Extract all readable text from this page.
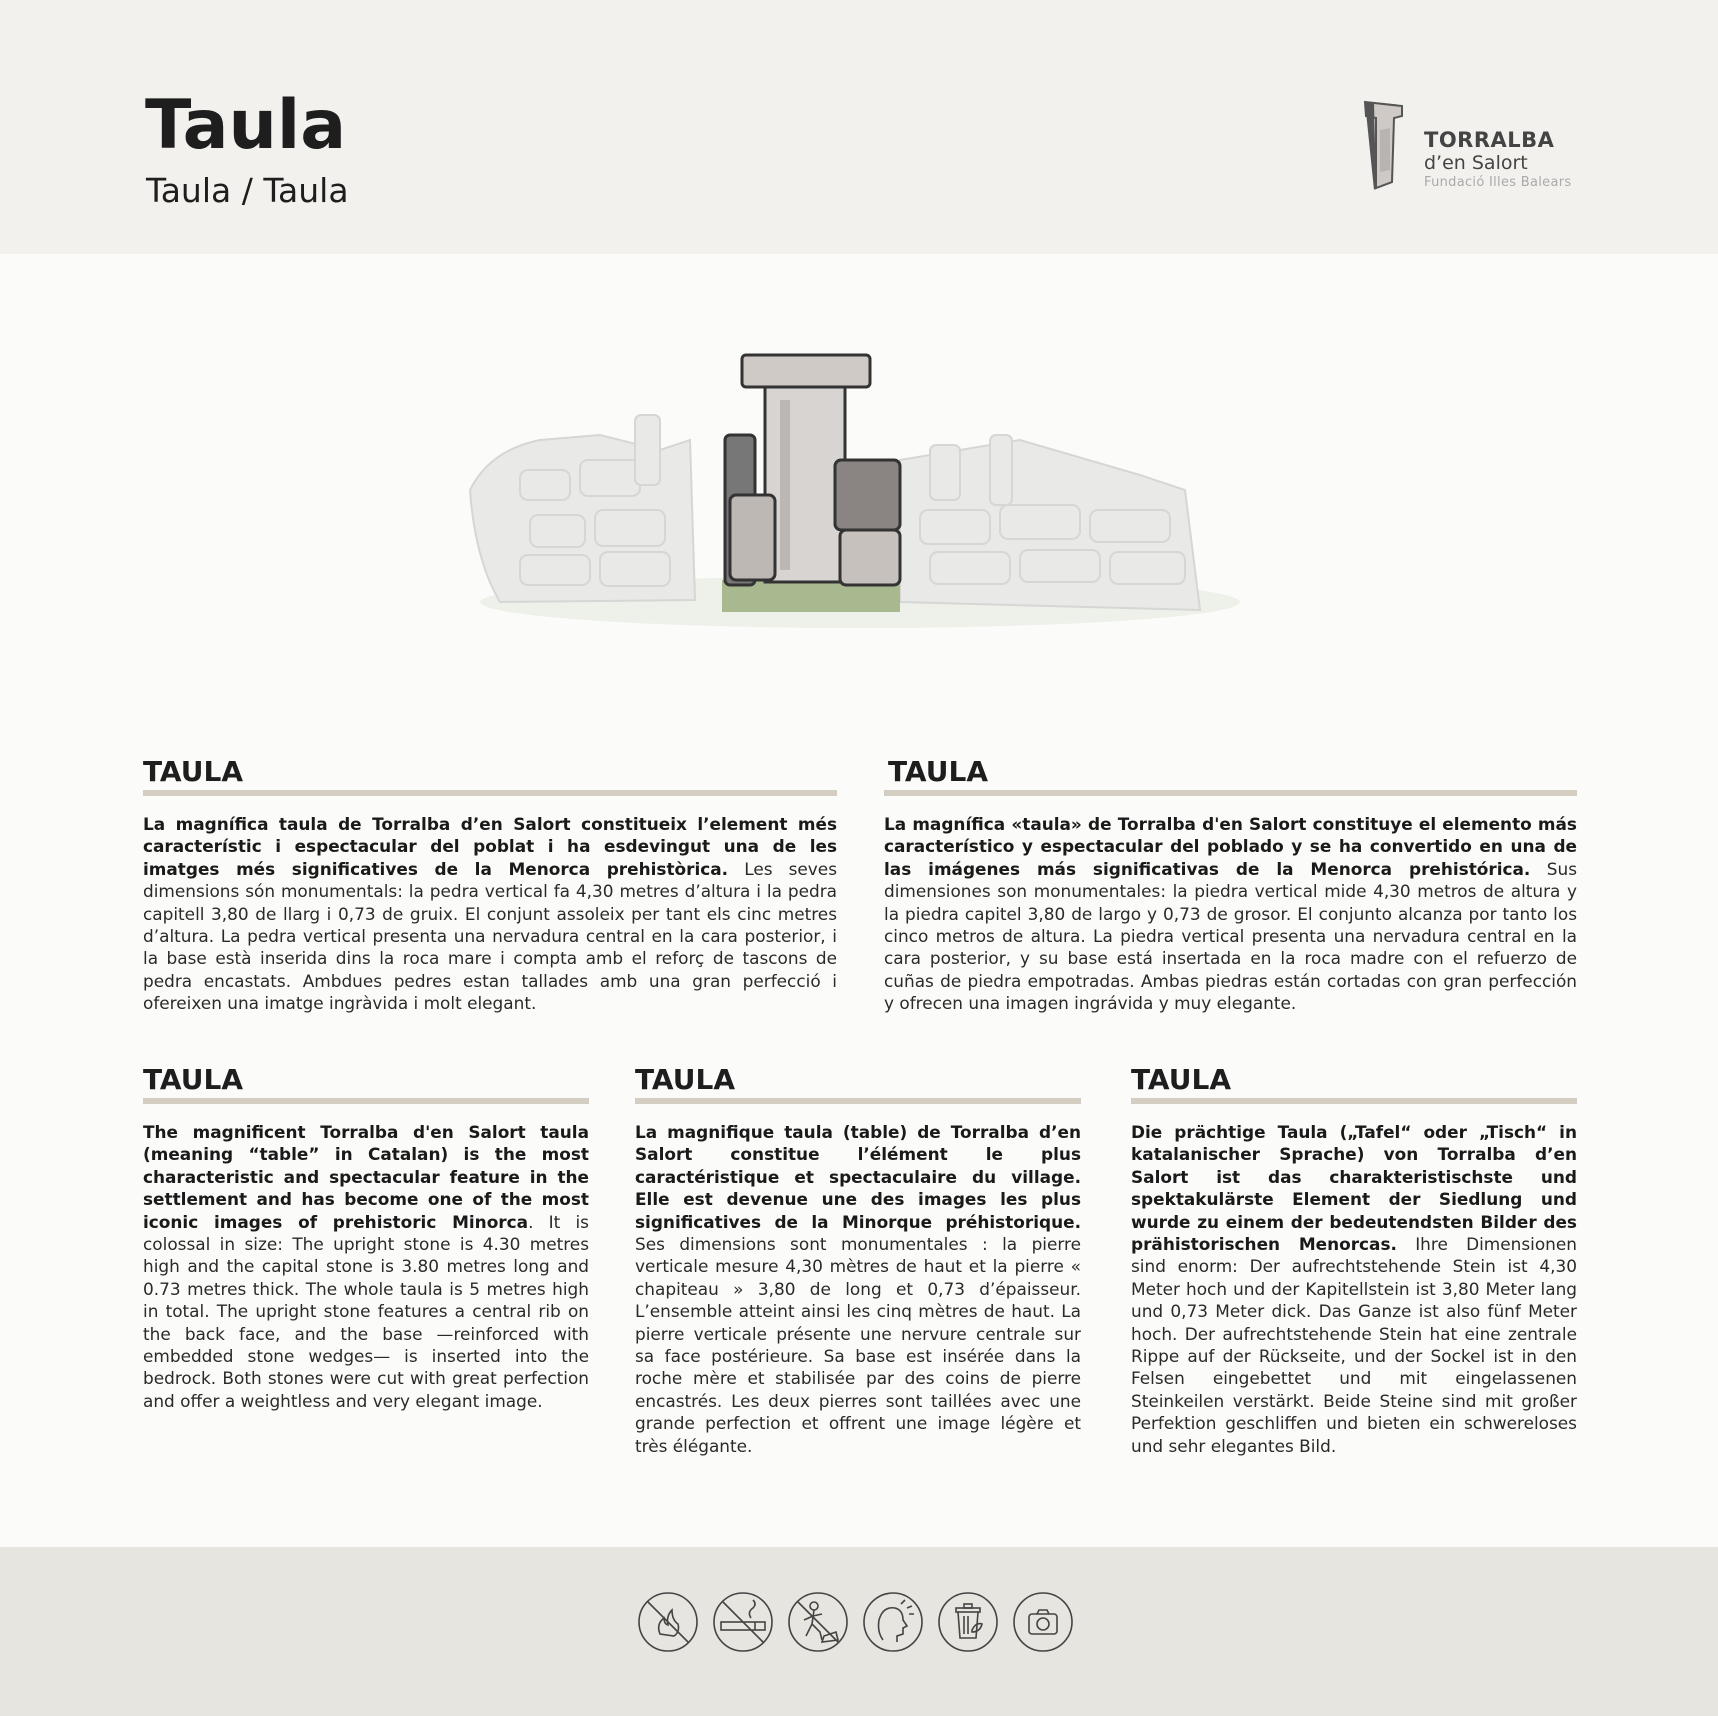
Taula
Taula / Taula
TORRALBA
d’en Salort
Fundació Illes Balears
TAULA

La magnífica taula de Torralba d’en Salort constitueix l’element més característic i espectacular del poblat i ha esdevingut una de les imatges més significatives de la Menorca prehistòrica. Les seves dimensions són monumentals: la pedra vertical fa 4,30 metres d’altura i la pedra capitell 3,80 de llarg i 0,73 de gruix. El conjunt assoleix per tant els cinc metres d’altura. La pedra vertical presenta una nervadura central en la cara posterior, i la base està inserida dins la roca mare i compta amb el reforç de tascons de pedra encastats. Ambdues pedres estan tallades amb una gran perfecció i ofereixen una imatge ingràvida i molt elegant.

TAULA

La magnífica «taula» de Torralba d'en Salort constituye el elemento más característico y espectacular del poblado y se ha convertido en una de las imágenes más significativas de la Menorca prehistórica. Sus dimensiones son monumentales: la piedra vertical mide 4,30 metros de altura y la piedra capitel 3,80 de largo y 0,73 de grosor. El conjunto alcanza por tanto los cinco metros de altura. La piedra vertical presenta una nervadura central en la cara posterior, y su base está insertada en la roca madre con el refuerzo de cuñas de piedra empotradas. Ambas piedras están cortadas con gran perfección y ofrecen una imagen ingrávida y muy elegante.

TAULA

The magnificent Torralba d'en Salort taula (meaning “table” in Catalan) is the most characteristic and spectacular feature in the settlement and has become one of the most iconic images of prehistoric Minorca. It is colossal in size: The upright stone is 4.30 metres high and the capital stone is 3.80 metres long and 0.73 metres thick. The whole taula is 5 metres high in total. The upright stone features a central rib on the back face, and the base —reinforced with embedded stone wedges— is inserted into the bedrock. Both stones were cut with great perfection and offer a weightless and very elegant image.

TAULA

La magnifique taula (table) de Torralba d’en Salort constitue l’élément le plus caractéristique et spectaculaire du village. Elle est devenue une des images les plus significatives de la Minorque préhistorique. Ses dimensions sont monumentales : la pierre verticale mesure 4,30 mètres de haut et la pierre « chapiteau » 3,80 de long et 0,73 d’épaisseur. L’ensemble atteint ainsi les cinq mètres de haut. La pierre verticale présente une nervure centrale sur sa face postérieure. Sa base est insérée dans la roche mère et stabilisée par des coins de pierre encastrés. Les deux pierres sont taillées avec une grande perfection et offrent une image légère et très élégante.

TAULA

Die prächtige Taula („Tafel“ oder „Tisch“ in katalanischer Sprache) von Torralba d’en Salort ist das charakteristischste und spektakulärste Element der Siedlung und wurde zu einem der bedeutendsten Bilder des prähistorischen Menorcas. Ihre Dimensionen sind enorm: Der aufrechtstehende Stein ist 4,30 Meter hoch und der Kapitellstein ist 3,80 Meter lang und 0,73 Meter dick. Das Ganze ist also fünf Meter hoch. Der aufrechtstehende Stein hat eine zentrale Rippe auf der Rückseite, und der Sockel ist in den Felsen eingebettet und mit eingelassenen Steinkeilen verstärkt. Beide Steine sind mit großer Perfektion geschliffen und bieten ein schwereloses und sehr elegantes Bild.
